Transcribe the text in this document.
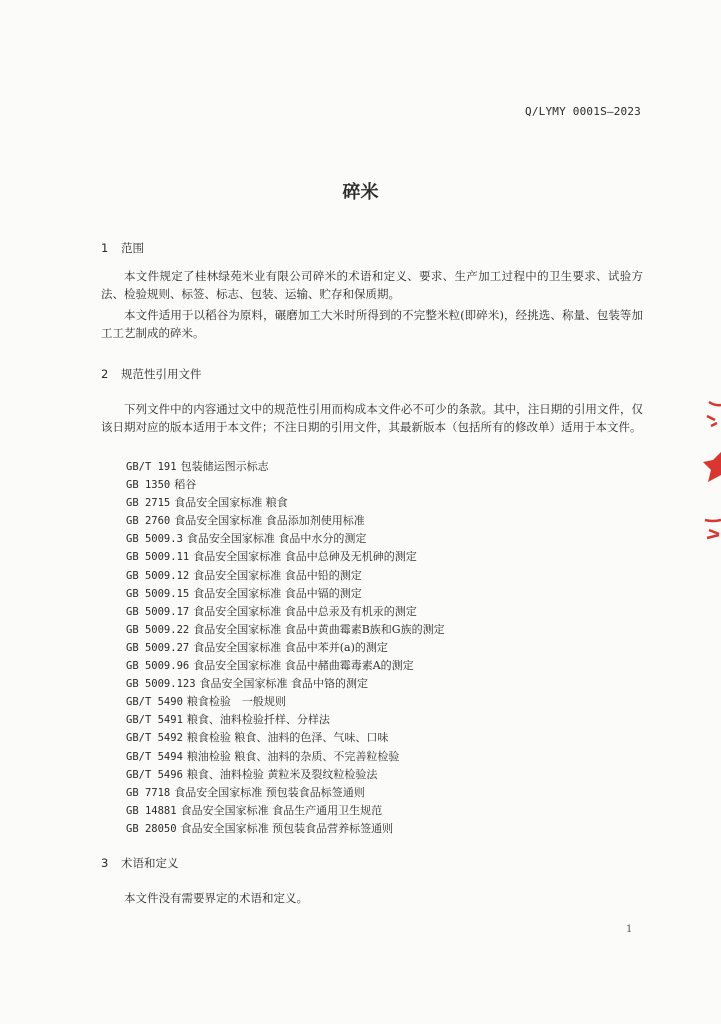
Q/LYMY 0001S—2023
碎米
1 范围
本文件规定了桂林绿苑米业有限公司碎米的术语和定义、要求、生产加工过程中的卫生要求、试验方法、检验规则、标签、标志、包装、运输、贮存和保质期。
本文件适用于以稻谷为原料，碾磨加工大米时所得到的不完整米粒(即碎米)，经挑选、称量、包装等加工工艺制成的碎米。
2 规范性引用文件
下列文件中的内容通过文中的规范性引用而构成本文件必不可少的条款。其中，注日期的引用文件，仅该日期对应的版本适用于本文件；不注日期的引用文件，其最新版本（包括所有的修改单）适用于本文件。
GB/T 191 包装储运图示标志
GB 1350 稻谷
GB 2715 食品安全国家标准 粮食
GB 2760 食品安全国家标准 食品添加剂使用标准
GB 5009.3 食品安全国家标准 食品中水分的测定
GB 5009.11 食品安全国家标准 食品中总砷及无机砷的测定
GB 5009.12 食品安全国家标准 食品中铅的测定
GB 5009.15 食品安全国家标准 食品中镉的测定
GB 5009.17 食品安全国家标准 食品中总汞及有机汞的测定
GB 5009.22 食品安全国家标准 食品中黄曲霉素B族和G族的测定
GB 5009.27 食品安全国家标准 食品中苯并(a)的测定
GB 5009.96 食品安全国家标准 食品中赭曲霉毒素A的测定
GB 5009.123 食品安全国家标准 食品中铬的测定
GB/T 5490 粮食检验　一般规则
GB/T 5491 粮食、油料检验扦样、分样法
GB/T 5492 粮食检验 粮食、油料的色泽、气味、口味
GB/T 5494 粮油检验 粮食、油料的杂质、不完善粒检验
GB/T 5496 粮食、油料检验 黄粒米及裂纹粒检验法
GB 7718 食品安全国家标准 预包装食品标签通则
GB 14881 食品安全国家标准 食品生产通用卫生规范
GB 28050 食品安全国家标准 预包装食品营养标签通则
3 术语和定义
本文件没有需要界定的术语和定义。
1
